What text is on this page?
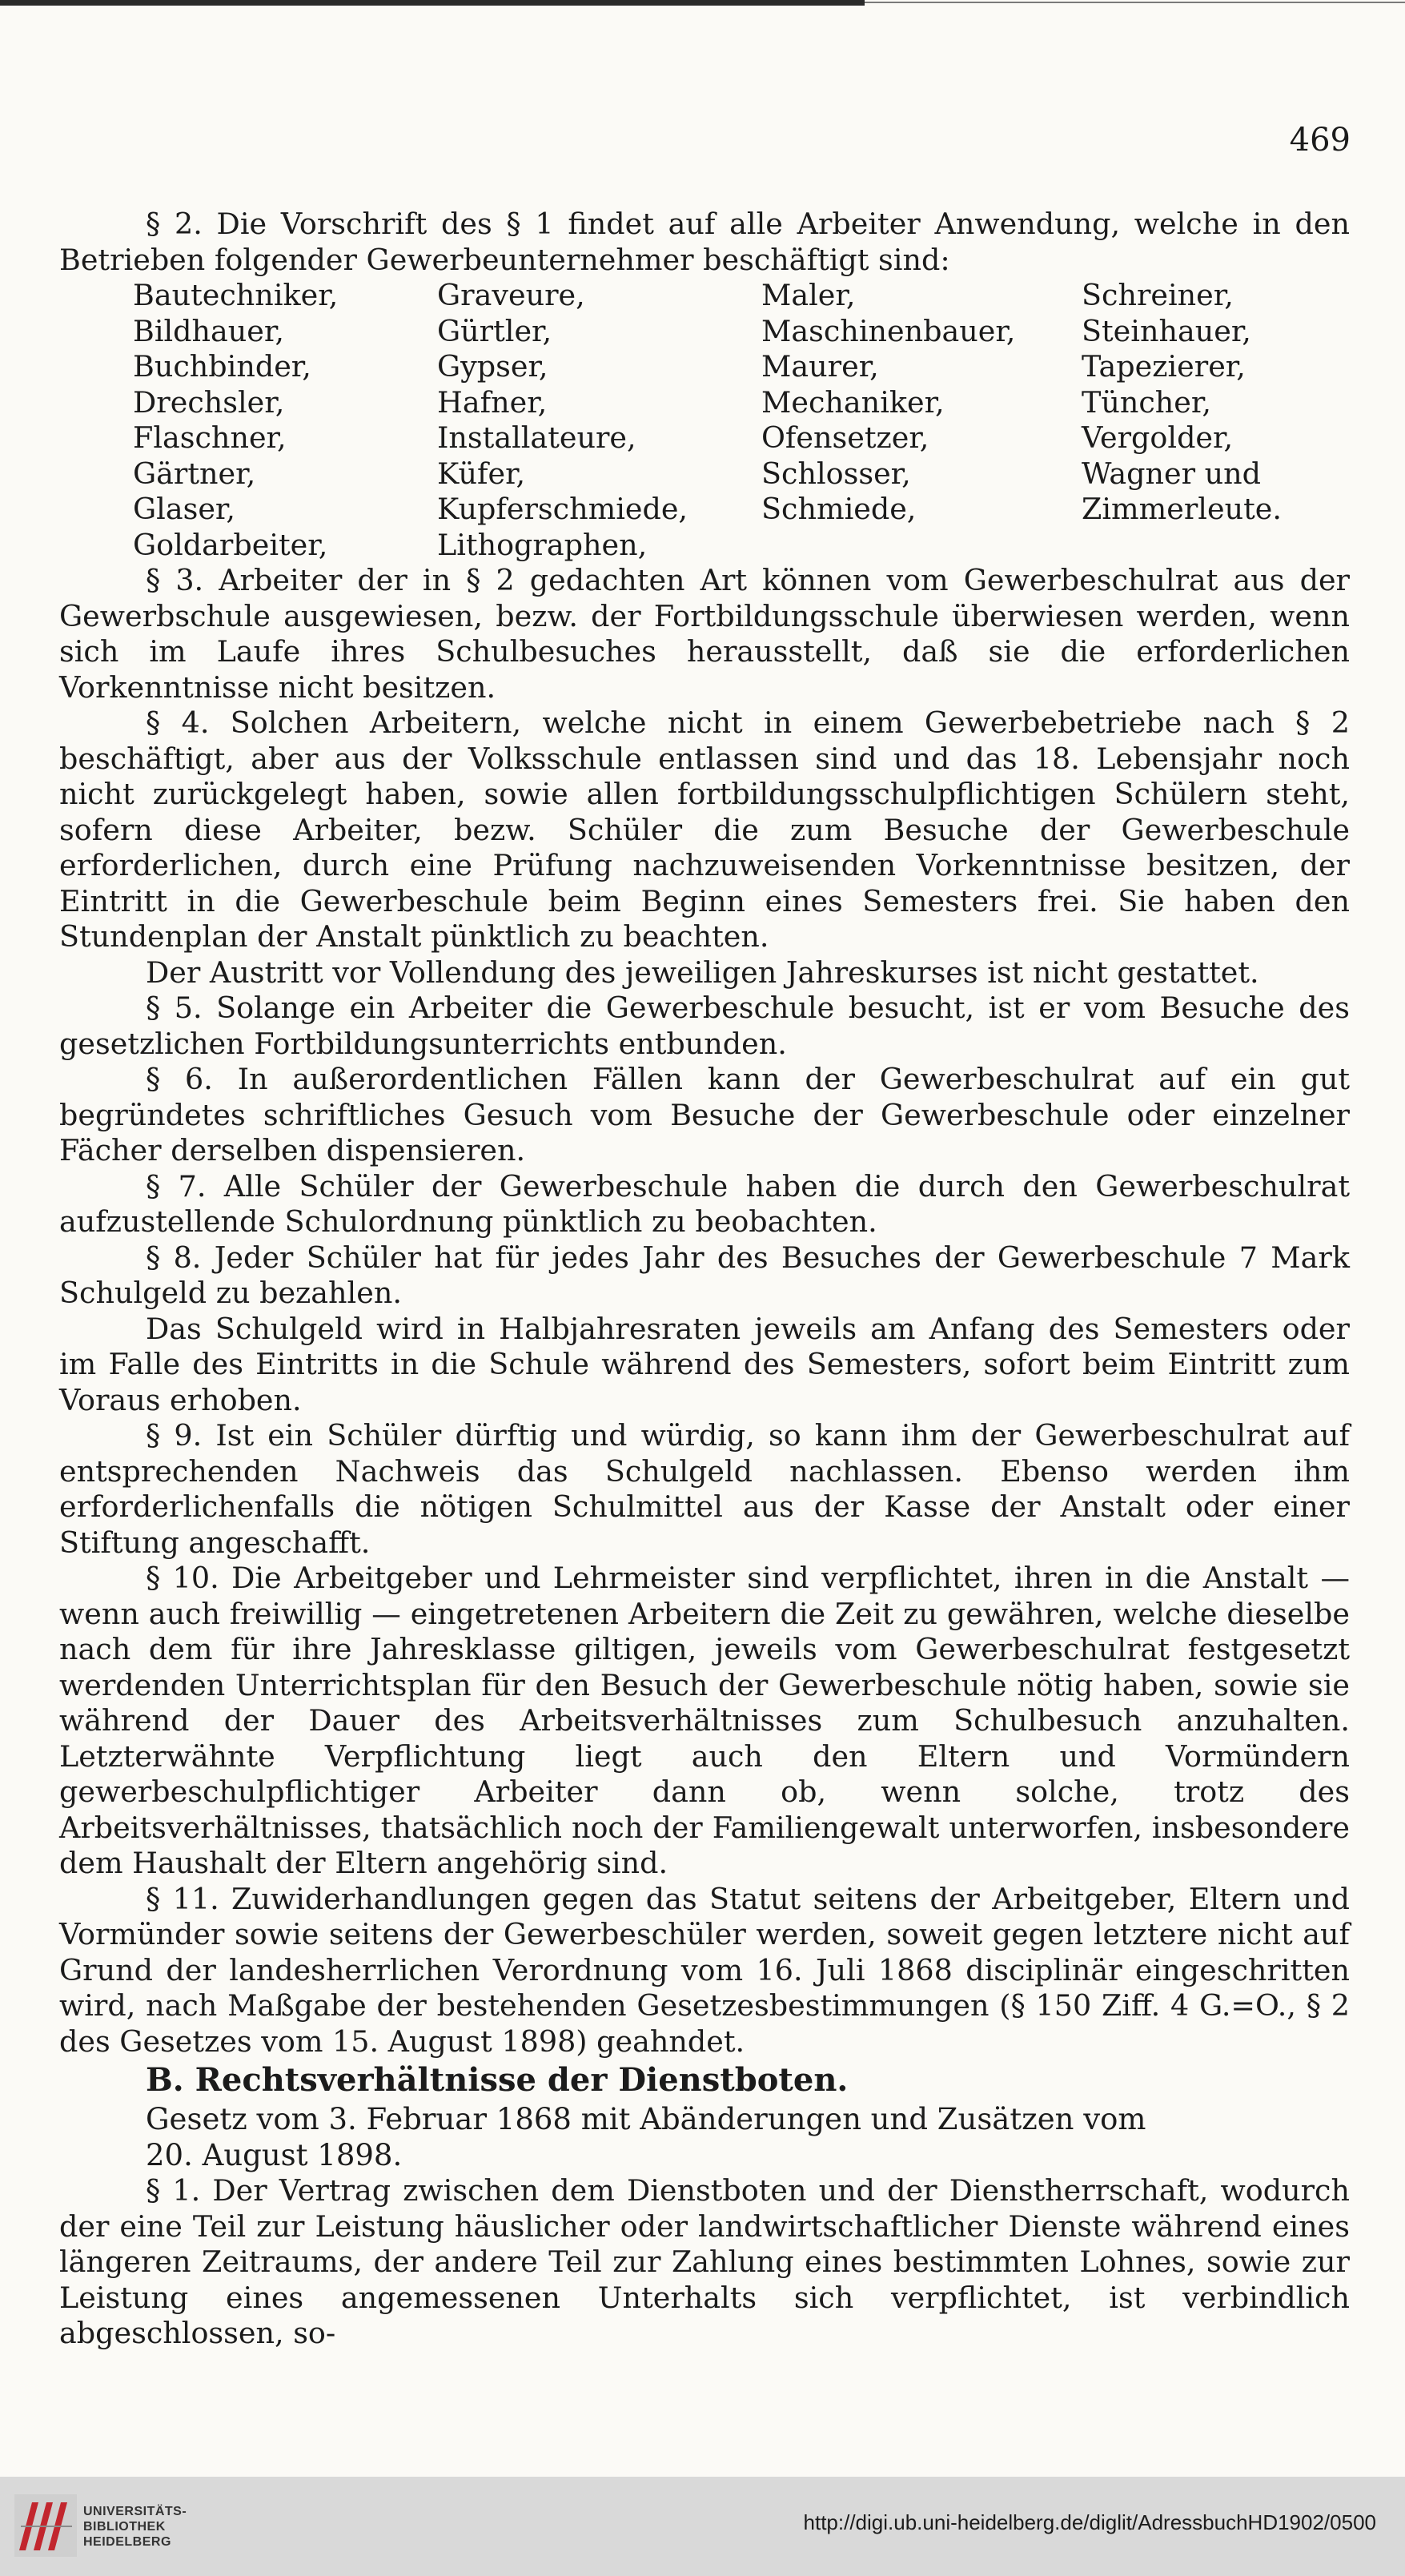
469

§ 2. Die Vorschrift des § 1 findet auf alle Arbeiter Anwendung, welche in den Betrieben folgender Gewerbeunternehmer beschäftigt sind:

Bautechniker,	Graveure,	Maler,	Schreiner,
Bildhauer,	Gürtler,	Maschinenbauer,	Steinhauer,
Buchbinder,	Gypser,	Maurer,	Tapezierer,
Drechsler,	Hafner,	Mechaniker,	Tüncher,
Flaschner,	Installateure,	Ofensetzer,	Vergolder,
Gärtner,	Küfer,	Schlosser,	Wagner und
Glaser,	Kupferschmiede,	Schmiede,	Zimmerleute.
Goldarbeiter,	Lithographen,

§ 3. Arbeiter der in § 2 gedachten Art können vom Gewerbeschulrat aus der Gewerbschule ausgewiesen, bezw. der Fortbildungsschule überwiesen werden, wenn sich im Laufe ihres Schulbesuches herausstellt, daß sie die erforderlichen Vorkenntnisse nicht besitzen.

§ 4. Solchen Arbeitern, welche nicht in einem Gewerbebetriebe nach § 2 beschäftigt, aber aus der Volksschule entlassen sind und das 18. Lebensjahr noch nicht zurückgelegt haben, sowie allen fortbildungsschulpflichtigen Schülern steht, sofern diese Arbeiter, bezw. Schüler die zum Besuche der Gewerbeschule erforderlichen, durch eine Prüfung nachzuweisenden Vorkenntnisse besitzen, der Eintritt in die Gewerbeschule beim Beginn eines Semesters frei. Sie haben den Stundenplan der Anstalt pünktlich zu beachten.

Der Austritt vor Vollendung des jeweiligen Jahreskurses ist nicht gestattet.

§ 5. Solange ein Arbeiter die Gewerbeschule besucht, ist er vom Besuche des gesetzlichen Fortbildungsunterrichts entbunden.

§ 6. In außerordentlichen Fällen kann der Gewerbeschulrat auf ein gut begründetes schriftliches Gesuch vom Besuche der Gewerbeschule oder einzelner Fächer derselben dispensieren.

§ 7. Alle Schüler der Gewerbeschule haben die durch den Gewerbeschulrat aufzustellende Schulordnung pünktlich zu beobachten.

§ 8. Jeder Schüler hat für jedes Jahr des Besuches der Gewerbeschule 7 Mark Schulgeld zu bezahlen.

Das Schulgeld wird in Halbjahresraten jeweils am Anfang des Semesters oder im Falle des Eintritts in die Schule während des Semesters, sofort beim Eintritt zum Voraus erhoben.

§ 9. Ist ein Schüler dürftig und würdig, so kann ihm der Gewerbeschulrat auf entsprechenden Nachweis das Schulgeld nachlassen. Ebenso werden ihm erforderlichenfalls die nötigen Schulmittel aus der Kasse der Anstalt oder einer Stiftung angeschafft.

§ 10. Die Arbeitgeber und Lehrmeister sind verpflichtet, ihren in die Anstalt — wenn auch freiwillig — eingetretenen Arbeitern die Zeit zu gewähren, welche dieselbe nach dem für ihre Jahresklasse giltigen, jeweils vom Gewerbeschulrat festgesetzt werdenden Unterrichtsplan für den Besuch der Gewerbeschule nötig haben, sowie sie während der Dauer des Arbeitsverhältnisses zum Schulbesuch anzuhalten. Letzterwähnte Verpflichtung liegt auch den Eltern und Vormündern gewerbeschulpflichtiger Arbeiter dann ob, wenn solche, trotz des Arbeitsverhältnisses, thatsächlich noch der Familiengewalt unterworfen, insbesondere dem Haushalt der Eltern angehörig sind.

§ 11. Zuwiderhandlungen gegen das Statut seitens der Arbeitgeber, Eltern und Vormünder sowie seitens der Gewerbeschüler werden, soweit gegen letztere nicht auf Grund der landesherrlichen Verordnung vom 16. Juli 1868 disciplinär eingeschritten wird, nach Maßgabe der bestehenden Gesetzesbestimmungen (§ 150 Ziff. 4 G.=O., § 2 des Gesetzes vom 15. August 1898) geahndet.

B. Rechtsverhältnisse der Dienstboten.

Gesetz vom 3. Februar 1868 mit Abänderungen und Zusätzen vom
20. August 1898.

§ 1. Der Vertrag zwischen dem Dienstboten und der Dienstherrschaft, wodurch der eine Teil zur Leistung häuslicher oder landwirtschaftlicher Dienste während eines längeren Zeitraums, der andere Teil zur Zahlung eines bestimmten Lohnes, sowie zur Leistung eines angemessenen Unterhalts sich verpflichtet, ist verbindlich abgeschlossen, so-

UNIVERSITÄTS-
BIBLIOTHEK
HEIDELBERG
http://digi.ub.uni-heidelberg.de/diglit/AdressbuchHD1902/0500
